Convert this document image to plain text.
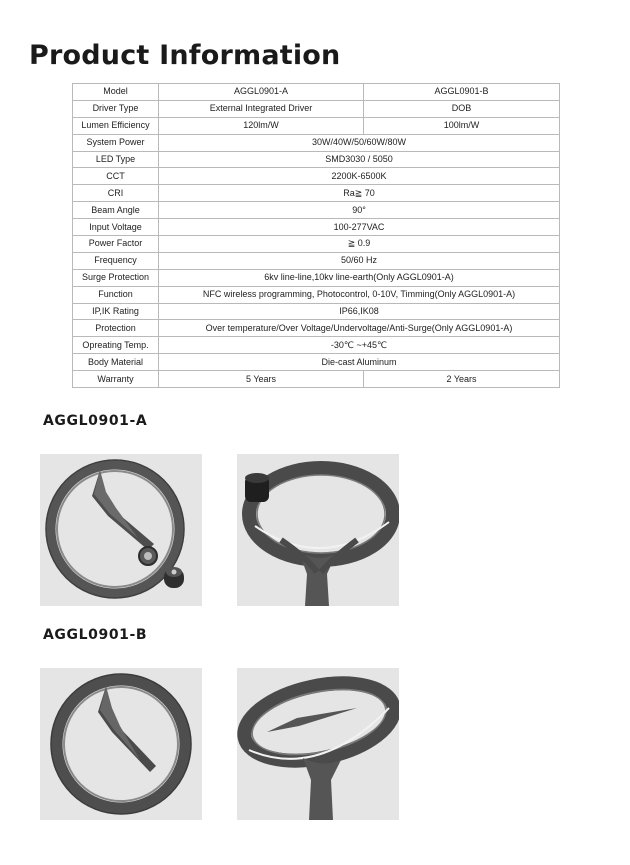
Product Information
Model	AGGL0901-A	AGGL0901-B
Driver Type	External Integrated Driver	DOB
Lumen Efficiency	120lm/W	100lm/W
System Power	30W/40W/50/60W/80W	
LED Type	SMD3030 / 5050	
CCT	2200K-6500K	
CRI	Ra≧ 70	
Beam Angle	90°	
Input Voltage	100-277VAC	
Power Factor	≧ 0.9	
Frequency	50/60 Hz	
Surge Protection	6kv line-line,10kv line-earth(Only AGGL0901-A)	
Function	NFC wireless programming, Photocontrol, 0-10V, Timming(Only AGGL0901-A)	
IP,IK Rating	IP66,IK08	
Protection	Over temperature/Over Voltage/Undervoltage/Anti-Surge(Only AGGL0901-A)	
Opreating Temp.	-30℃ ~+45℃	
Body Material	Die-cast Aluminum	
Warranty	5 Years	2 Years
AGGL0901-A
AGGL0901-B
